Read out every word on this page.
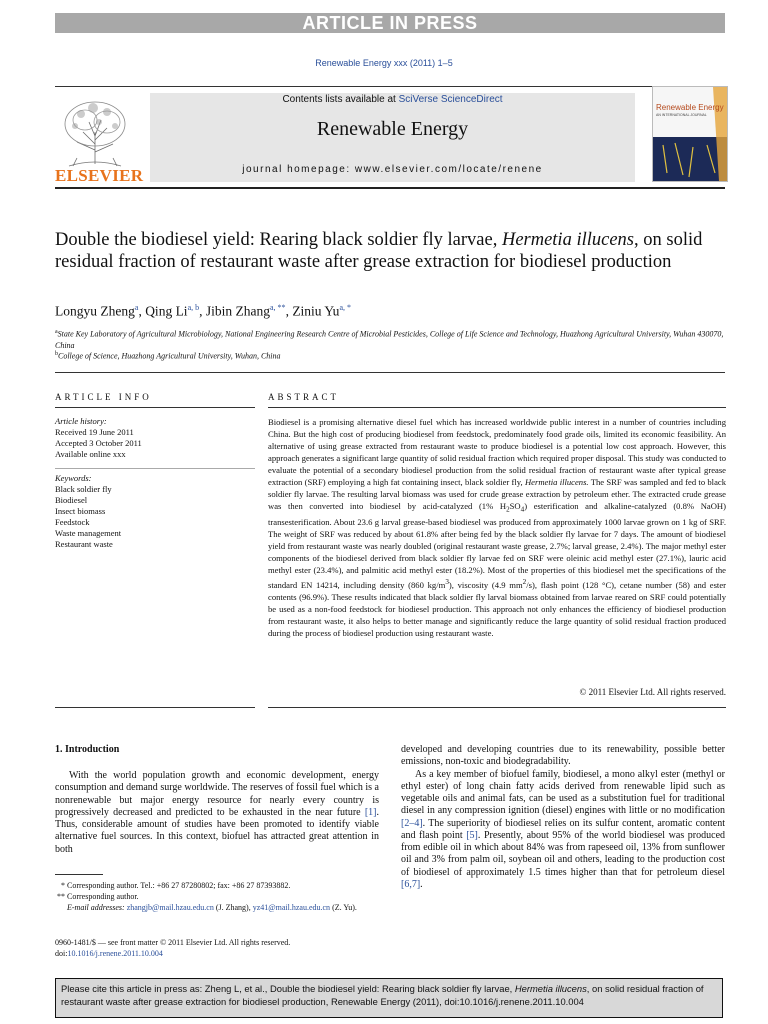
ARTICLE IN PRESS
Renewable Energy xxx (2011) 1–5
ELSEVIER
Contents lists available at SciVerse ScienceDirect
Renewable Energy
journal homepage: www.elsevier.com/locate/renene
Renewable Energy
AN INTERNATIONAL JOURNAL
Double the biodiesel yield: Rearing black soldier fly larvae, Hermetia illucens, on solid residual fraction of restaurant waste after grease extraction for biodiesel production
Longyu Zheng$^a$, Qing Li$^{a, b}$, Jibin Zhang$^{a, **}$, Ziniu $Yu^{a, *}$
$^a$State Key Laboratory of Agricultural Microbiology, National Engineering Research Centre of Microbial Pesticides, College of Life Science and Technology, Huazhong Agricultural University, Wuhan 430070, China
$^b$College of Science, Huazhong Agricultural University, Wuhan, China
ARTICLE INFO
Article history:
Received 19 June 2011
Accepted 3 October 2011
Available online xxx
Keywords:
Black soldier fly
Biodiesel
Insect biomass
Feedstock
Waste management
Restaurant waste
ABSTRACT
Biodiesel is a promising alternative diesel fuel which has increased worldwide public interest in a number of countries including China. But the high cost of producing biodiesel from feedstock, predominately food grade oils, limited its economic feasibility. An alternative of using grease extracted from restaurant waste to produce biodiesel is a potential low cost approach. However, this approach generates a significant large quantity of solid residual fraction which required proper disposal. This study was conducted to evaluate the potential of a secondary biodiesel production from the solid residual fraction of restaurant waste after typical grease extraction (SRF) employing a high fat containing insect, black soldier fly, Hermetia illucens. The SRF was sampled and fed to black soldier fly larvae. The resulting larval biomass was used for crude grease extraction by petroleum ether. The extracted crude grease was then converted into biodiesel by acid-catalyzed (1% $H_2SO_4$) esterification and alkaline-catalyzed (0.8% NaOH) transesterification. About 23.6 g larval grease-based biodiesel was produced from approximately 1000 larvae grown on 1 kg of SRF. The weight of SRF was reduced by about 61.8% after being fed by the black soldier fly larvae for 7 days. The amount of biodiesel yield from restaurant waste was nearly doubled (original restaurant waste grease, 2.7%; larval grease, 2.4%). The major methyl ester components of the biodiesel derived from black soldier fly larvae fed on SRF were oleinic acid methyl ester (27.1%), lauric acid methyl ester (23.4%), and palmitic acid methyl ester (18.2%). Most of the properties of this biodiesel met the specifications of the standard EN 14214, including density (860 $kg/m^3$), viscosity (4.9 $mm^2/s$), flash point (128 °C), cetane number (58) and ester contents (96.9%). These results indicated that black soldier fly larval biomass obtained from larvae reared on SRF could potentially be used as a non-food feedstock for biodiesel production. This approach not only enhances the efficiency of biodiesel production from restaurant waste, it also helps to better manage and significantly reduce the large quantity of solid residual fraction produced during the process of biodiesel production using restaurant waste.
© 2011 Elsevier Ltd. All rights reserved.
1. Introduction
With the world population growth and economic development, energy consumption and demand surge worldwide. The reserves of fossil fuel which is a nonrenewable but major energy resource for nearly every country is progressively decreased and predicted to be exhausted in the near future [1]. Thus, considerable amount of studies have been promoted to identify viable alternative fuel sources. In this context, biofuel has attracted great attention in both
developed and developing countries due to its renewability, possible better emissions, non-toxic and biodegradability.
As a key member of biofuel family, biodiesel, a mono alkyl ester (methyl or ethyl ester) of long chain fatty acids derived from renewable lipid such as vegetable oils and animal fats, can be used as a substitution fuel for traditional diesel in any compression ignition (diesel) engines with little or no modification [2–4]. The superiority of biodiesel relies on its sulfur content, aromatic content and flash point [5]. Presently, about 95% of the world biodiesel was produced from edible oil in which about 84% was from rapeseed oil, 13% from sunflower oil and 3% from palm oil, soybean oil and others, leading to the production cost of biodiesel of approximately 1.5 times higher than that for petroleum diesel [6,7].
* Corresponding author. Tel.: +86 27 87280802; fax: +86 27 87393882.
** Corresponding author.
E-mail addresses: zhangjb@mail.hzau.edu.cn (J. Zhang), yz41@mail.hzau.edu.cn (Z. Yu).
0960-1481/$ — see front matter © 2011 Elsevier Ltd. All rights reserved.
doi:10.1016/j.renene.2011.10.004
Please cite this article in press as: Zheng L, et al., Double the biodiesel yield: Rearing black soldier fly larvae, Hermetia illucens, on solid residual fraction of restaurant waste after grease extraction for biodiesel production, Renewable Energy (2011), doi:10.1016/j.renene.2011.10.004
